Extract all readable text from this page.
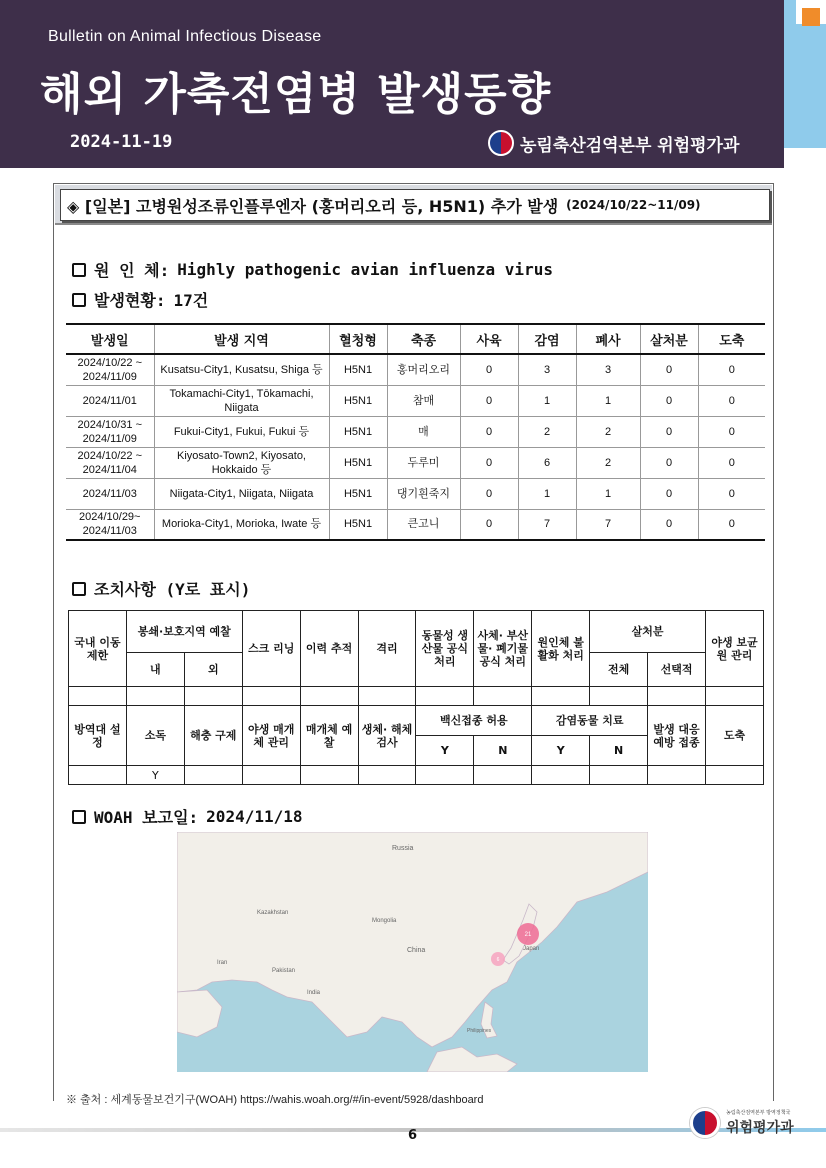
Bulletin on Animal Infectious Disease
해외 가축전염병 발생동향
2024-11-19	농림축산검역본부 위험평가과
◈ [일본] 고병원성조류인플루엔자 (홍머리오리 등, H5N1) 추가 발생 (2024/10/22~11/09)
원 인 체: Highly pathogenic avian influenza virus
발생현황: 17건
발생일	발생 지역	혈청형	축종	사육	감염	폐사	살처분	도축
2024/10/22 ~ 2024/11/09	Kusatsu-City1, Kusatsu, Shiga 등	H5N1	홍머리오리	0	3	3	0	0
2024/11/01	Tokamachi-City1, Tōkamachi, Niigata	H5N1	참매	0	1	1	0	0
2024/10/31 ~ 2024/11/09	Fukui-City1, Fukui, Fukui 등	H5N1	매	0	2	2	0	0
2024/10/22 ~ 2024/11/04	Kiyosato-Town2, Kiyosato, Hokkaido 등	H5N1	두루미	0	6	2	0	0
2024/11/03	Niigata-City1, Niigata, Niigata	H5N1	댕기흰죽지	0	1	1	0	0
2024/10/29~ 2024/11/03	Morioka-City1, Morioka, Iwate 등	H5N1	큰고니	0	7	7	0	0
조치사항 (Y로 표시)
국내 이동 제한	봉쇄·보호지역 예찰		스크 리닝	이력 추적	격리	동물성 생산물 공식 처리	사체· 부산물· 폐기물 공식 처리	원인체 불활화 처리	살처분		야생 보균원 관리
	내	외							전체	선택적	

방역대 설정	소독	해충 구제	야생 매개체 관리	매개체 예찰	생체· 해체 검사	백신접종 허용		감염동물 치료		발생 대응 예방 접종	도축
						Y	N	Y	N		
	Y										
WOAH 보고일: 2024/11/18
Russia
Kazakhstan
Mongolia
China	Japan
India
Iran
Pakistan
Philippines
21
6
※ 출처 : 세계동물보건기구(WOAH) https://wahis.woah.org/#/in-event/5928/dashboard
6
농림축산검역본부 방역정책국
위험평가과
